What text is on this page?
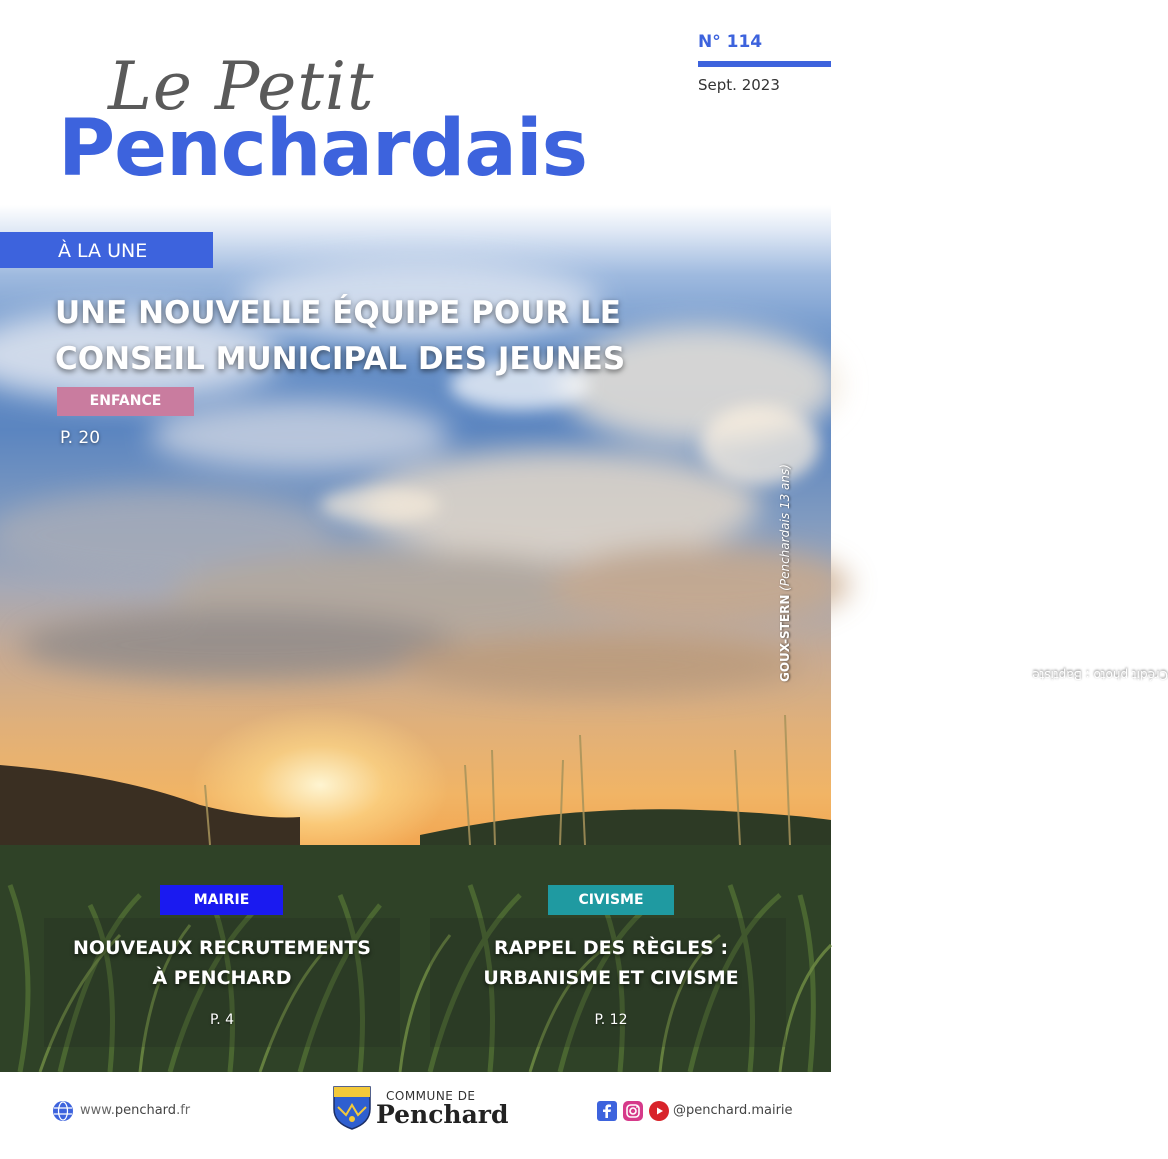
Le Petit
Penchardais
N° 114
Sept. 2023
À LA UNE
UNE NOUVELLE ÉQUIPE POUR LE
CONSEIL MUNICIPAL DES JEUNES
ENFANCE
P. 20
Crédit photo : Baptiste
GOUX-STERN (Penchardais 13 ans)
MAIRIE
NOUVEAUX RECRUTEMENTS
À PENCHARD
P. 4
CIVISME
RAPPEL DES RÈGLES :
URBANISME ET CIVISME
P. 12
www.penchard.fr
COMMUNE DE
Penchard	@penchard.mairie
